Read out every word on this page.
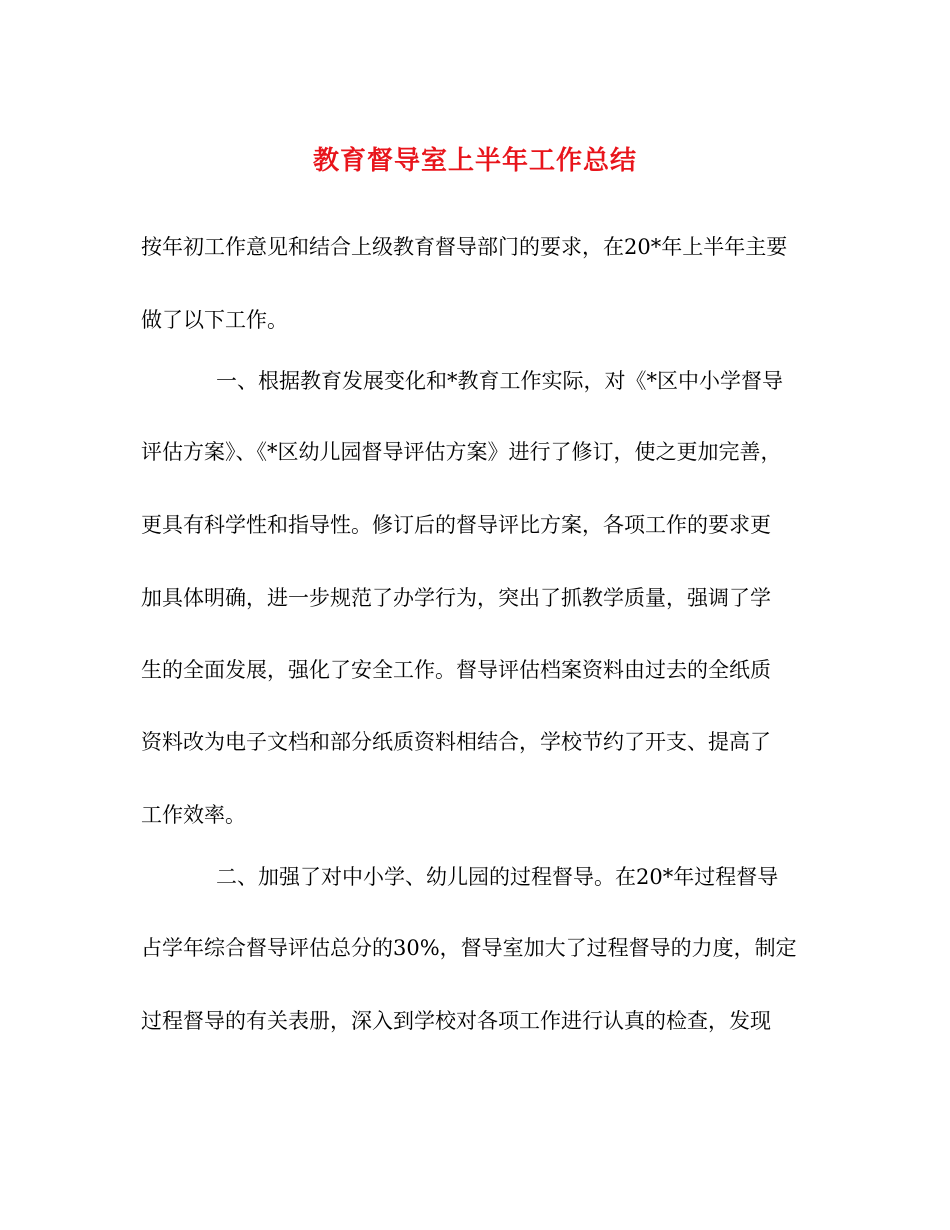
教育督导室上半年工作总结

按年初工作意见和结合上级教育督导部门的要求，在20*年上半年主要

做了以下工作。

一、根据教育发展变化和*教育工作实际，对《*区中小学督导

评估方案》、《*区幼儿园督导评估方案》进行了修订，使之更加完善，

更具有科学性和指导性。修订后的督导评比方案，各项工作的要求更

加具体明确，进一步规范了办学行为，突出了抓教学质量，强调了学

生的全面发展，强化了安全工作。督导评估档案资料由过去的全纸质

资料改为电子文档和部分纸质资料相结合，学校节约了开支、提高了

工作效率。

二、加强了对中小学、幼儿园的过程督导。在20*年过程督导

占学年综合督导评估总分的30%，督导室加大了过程督导的力度，制定

过程督导的有关表册，深入到学校对各项工作进行认真的检查，发现
